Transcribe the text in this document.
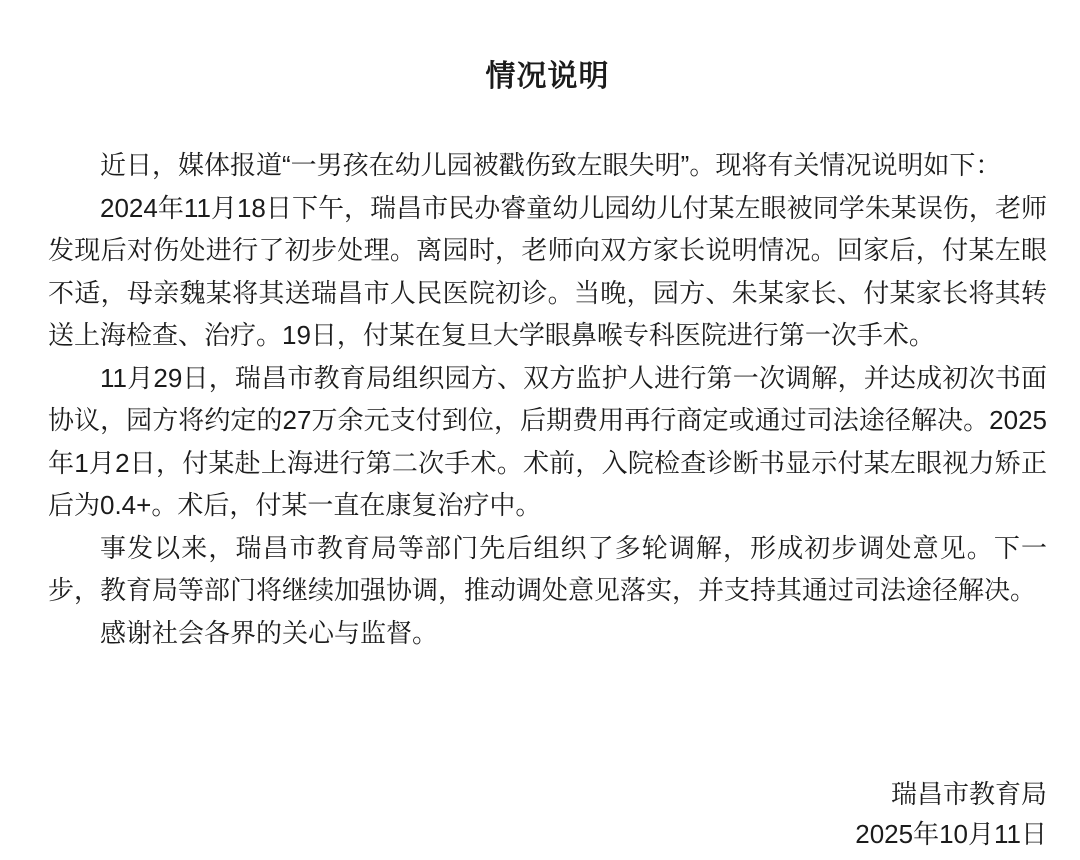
情况说明

近日，媒体报道“一男孩在幼儿园被戳伤致左眼失明”。现将有关情况说明如下：

2024年11月18日下午，瑞昌市民办睿童幼儿园幼儿付某左眼被同学朱某误伤，老师发现后对伤处进行了初步处理。离园时，老师向双方家长说明情况。回家后，付某左眼不适，母亲魏某将其送瑞昌市人民医院初诊。当晚，园方、朱某家长、付某家长将其转送上海检查、治疗。19日，付某在复旦大学眼鼻喉专科医院进行第一次手术。

11月29日，瑞昌市教育局组织园方、双方监护人进行第一次调解，并达成初次书面协议，园方将约定的27万余元支付到位，后期费用再行商定或通过司法途径解决。2025年1月2日，付某赴上海进行第二次手术。术前，入院检查诊断书显示付某左眼视力矫正后为0.4+。术后，付某一直在康复治疗中。

事发以来，瑞昌市教育局等部门先后组织了多轮调解，形成初步调处意见。下一步，教育局等部门将继续加强协调，推动调处意见落实，并支持其通过司法途径解决。

感谢社会各界的关心与监督。

瑞昌市教育局
2025年10月11日
